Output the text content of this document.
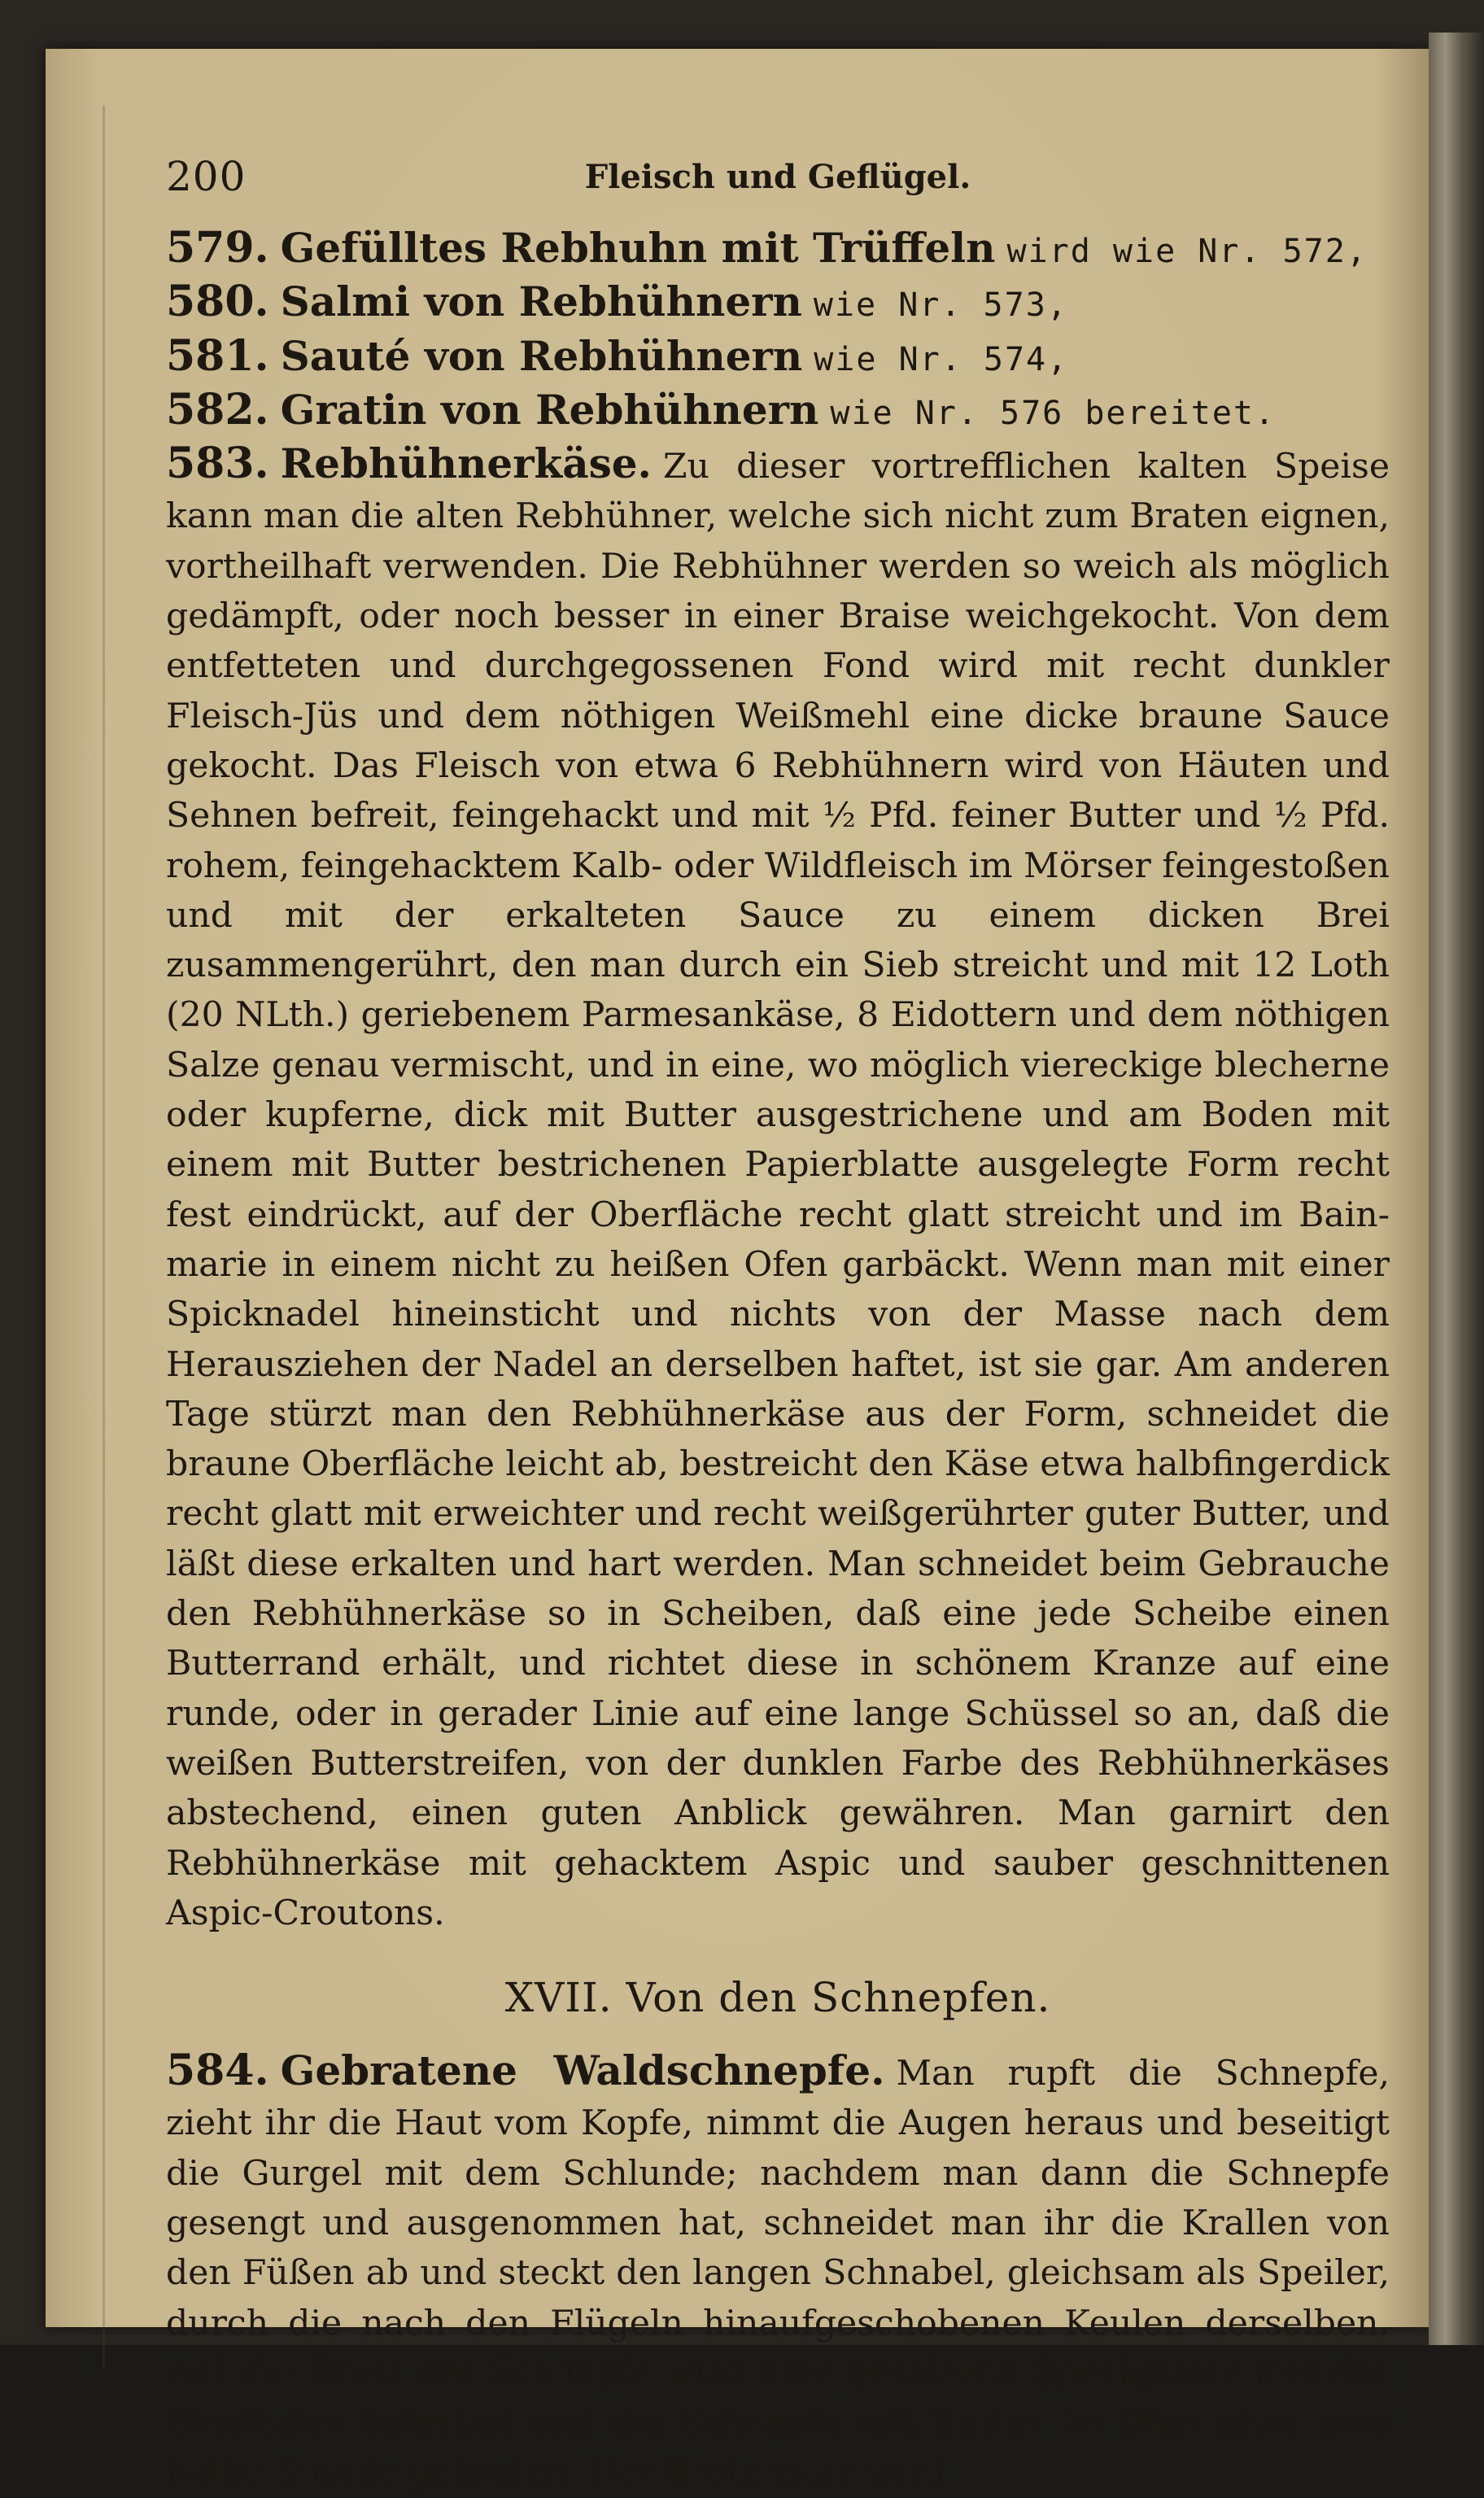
200	Fleisch und Geflügel.

579. Gefülltes Rebhuhn mit Trüffeln wird wie Nr. 572,

580. Salmi von Rebhühnern wie Nr. 573,

581. Sauté von Rebhühnern wie Nr. 574,

582. Gratin von Rebhühnern wie Nr. 576 bereitet.

583. Rebhühnerkäse. Zu dieser vortrefflichen kalten Speise kann man die alten Rebhühner, welche sich nicht zum Braten eignen, vortheilhaft verwenden. Die Rebhühner werden so weich als möglich gedämpft, oder noch besser in einer Braise weichgekocht. Von dem entfetteten und durchgegossenen Fond wird mit recht dunkler Fleisch-Jüs und dem nöthigen Weißmehl eine dicke braune Sauce gekocht. Das Fleisch von etwa 6 Rebhühnern wird von Häuten und Sehnen befreit, feingehackt und mit ½ Pfd. feiner Butter und ½ Pfd. rohem, feingehacktem Kalb- oder Wildfleisch im Mörser feingestoßen und mit der erkalteten Sauce zu einem dicken Brei zusammengerührt, den man durch ein Sieb streicht und mit 12 Loth (20 NLth.) geriebenem Parmesankäse, 8 Eidottern und dem nöthigen Salze genau vermischt, und in eine, wo möglich viereckige blecherne oder kupferne, dick mit Butter ausgestrichene und am Boden mit einem mit Butter bestrichenen Papierblatte ausgelegte Form recht fest eindrückt, auf der Oberfläche recht glatt streicht und im Bain-marie in einem nicht zu heißen Ofen garbäckt. Wenn man mit einer Spicknadel hineinsticht und nichts von der Masse nach dem Herausziehen der Nadel an derselben haftet, ist sie gar. Am anderen Tage stürzt man den Rebhühnerkäse aus der Form, schneidet die braune Oberfläche leicht ab, bestreicht den Käse etwa halbfingerdick recht glatt mit erweichter und recht weißgerührter guter Butter, und läßt diese erkalten und hart werden. Man schneidet beim Gebrauche den Rebhühnerkäse so in Scheiben, daß eine jede Scheibe einen Butterrand erhält, und richtet diese in schönem Kranze auf eine runde, oder in gerader Linie auf eine lange Schüssel so an, daß die weißen Butterstreifen, von der dunklen Farbe des Rebhühnerkäses abstechend, einen guten Anblick gewähren. Man garnirt den Rebhühnerkäse mit gehacktem Aspic und sauber geschnittenen Aspic-Croutons.

XVII. Von den Schnepfen.

584. Gebratene Waldschnepfe. Man rupft die Schnepfe, zieht ihr die Haut vom Kopfe, nimmt die Augen heraus und beseitigt die Gurgel mit dem Schlunde; nachdem man dann die Schnepfe gesengt und ausgenommen hat, schneidet man ihr die Krallen von den Füßen ab und steckt den langen Schnabel, gleichsam als Speiler, durch die nach den Flügeln hinaufgeschobenen Keulen derselben. Auf die Brust der Schnepfe wird eine gesalzene Speckplatte mittelst Bindfaden befestigt und die Schnepfe mit Butter im Ofen etwa eine halbe Stunde gebraten. Der Bratensatz wird
